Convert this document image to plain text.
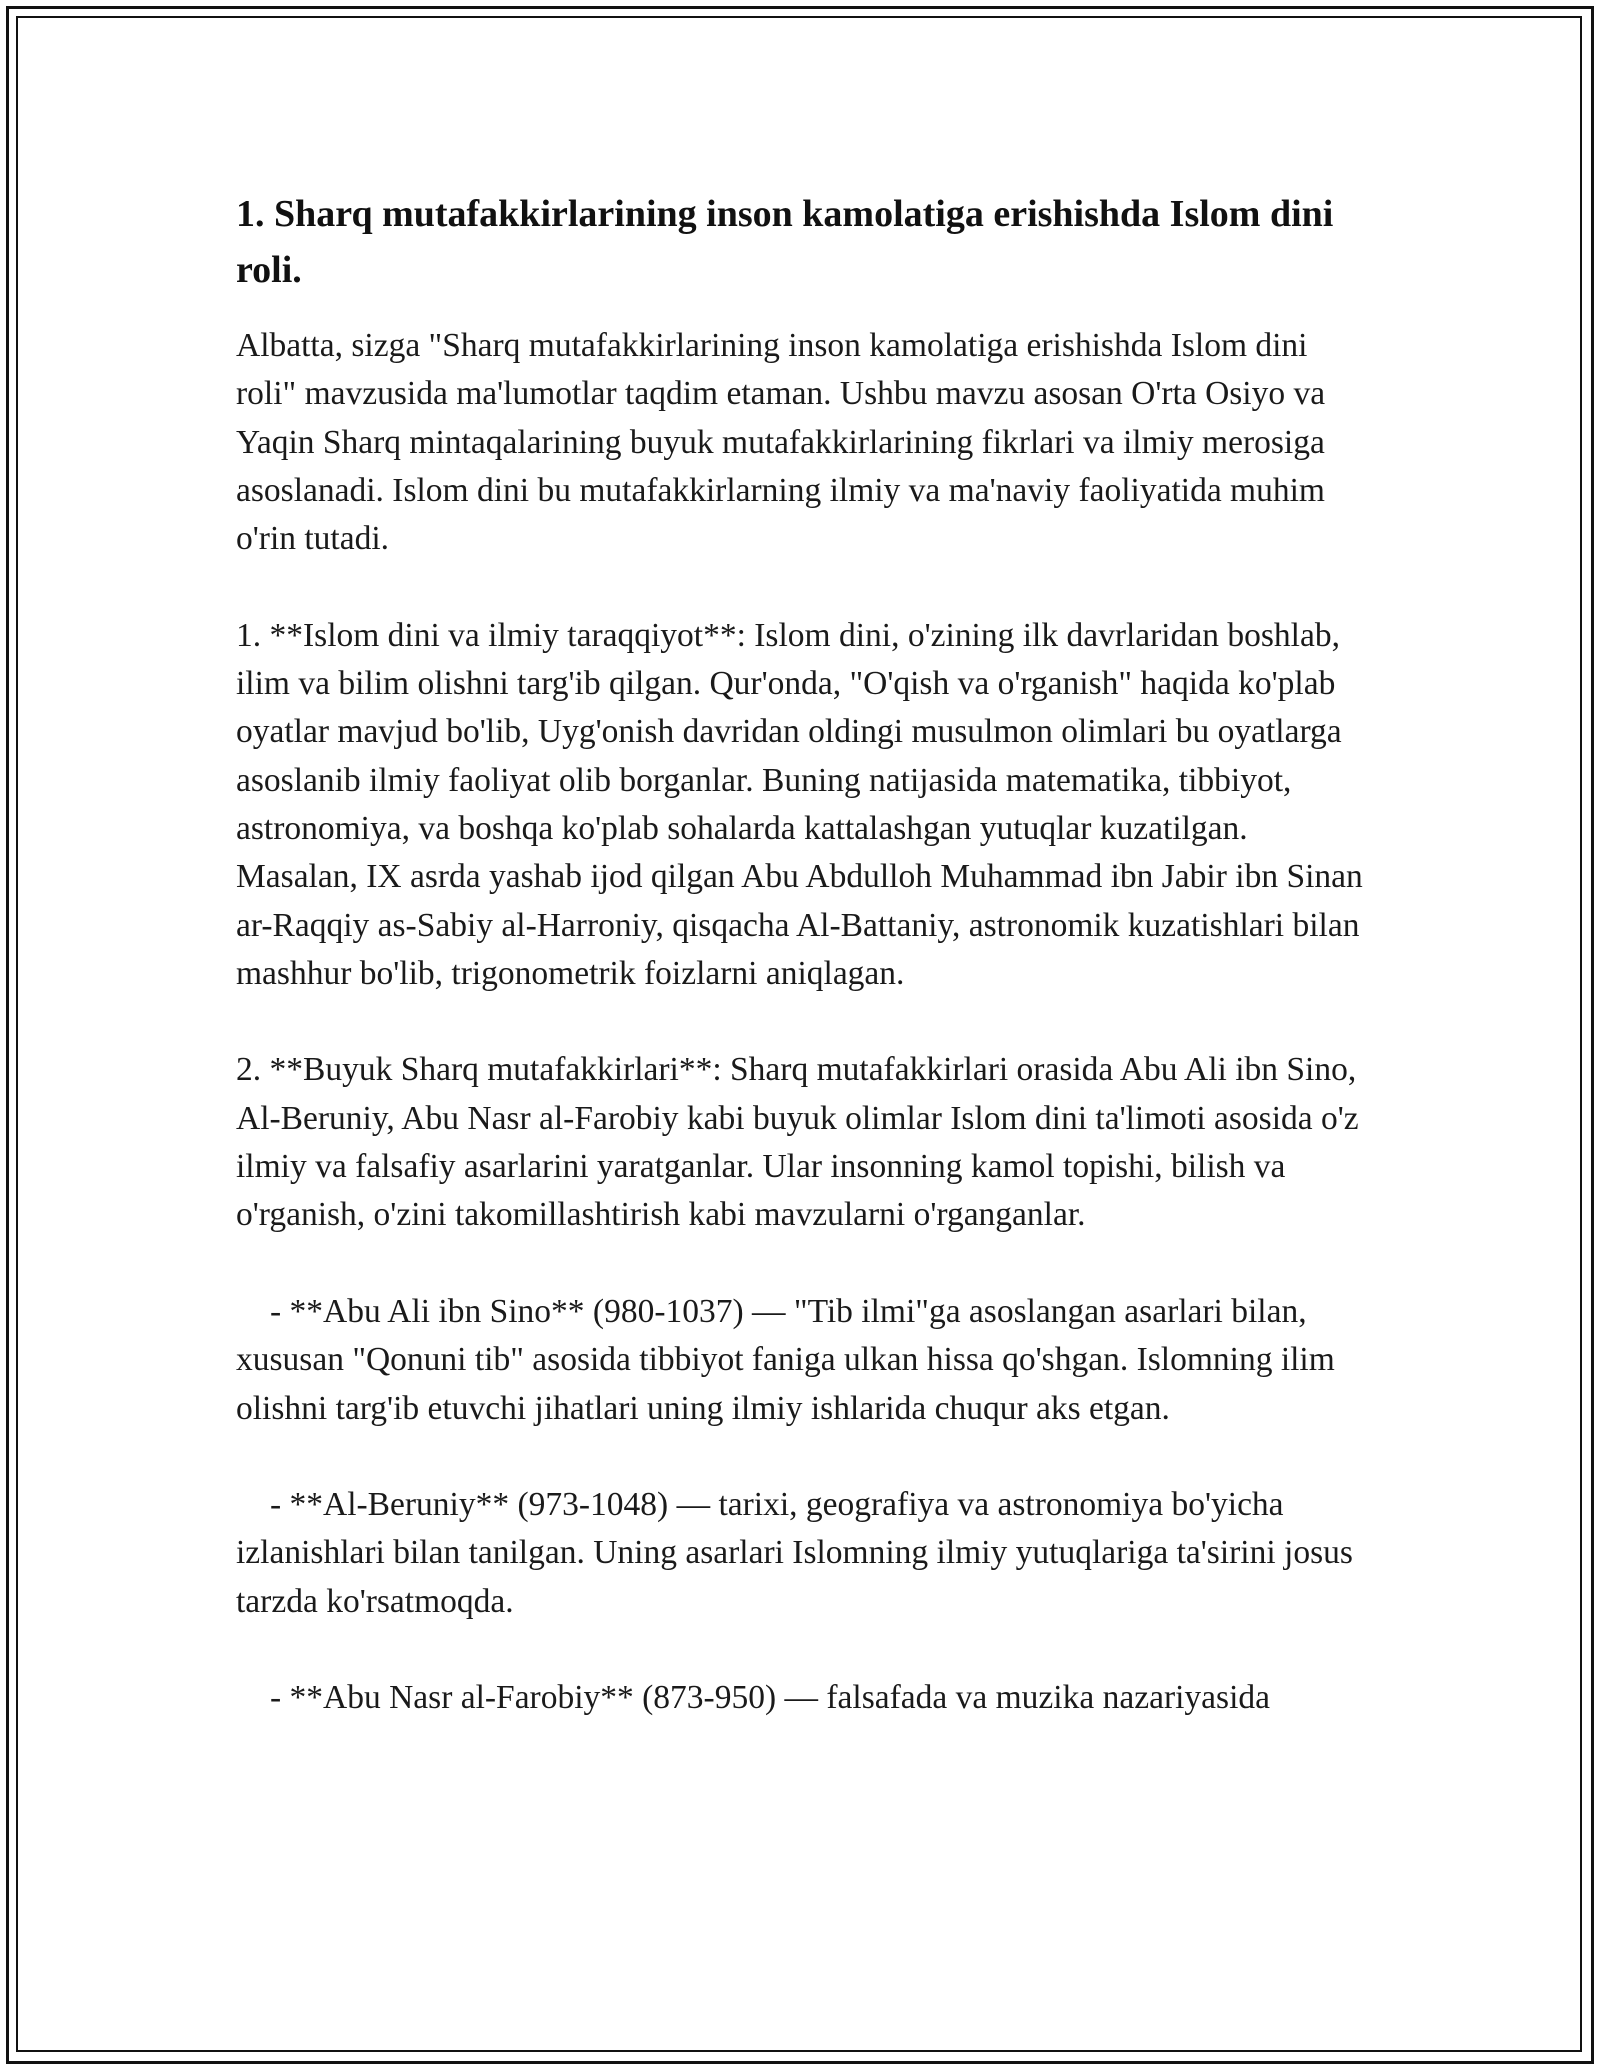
1. Sharq mutafakkirlarining inson kamolatiga erishishda Islom dini roli.

Albatta, sizga "Sharq mutafakkirlarining inson kamolatiga erishishda Islom dini roli" mavzusida ma'lumotlar taqdim etaman. Ushbu mavzu asosan O'rta Osiyo va Yaqin Sharq mintaqalarining buyuk mutafakkirlarining fikrlari va ilmiy merosiga asoslanadi. Islom dini bu mutafakkirlarning ilmiy va ma'naviy faoliyatida muhim o'rin tutadi.

1. **Islom dini va ilmiy taraqqiyot**: Islom dini, o'zining ilk davrlaridan boshlab, ilim va bilim olishni targ'ib qilgan. Qur'onda, "O'qish va o'rganish" haqida ko'plab oyatlar mavjud bo'lib, Uyg'onish davridan oldingi musulmon olimlari bu oyatlarga asoslanib ilmiy faoliyat olib borganlar. Buning natijasida matematika, tibbiyot, astronomiya, va boshqa ko'plab sohalarda kattalashgan yutuqlar kuzatilgan. Masalan, IX asrda yashab ijod qilgan Abu Abdulloh Muhammad ibn Jabir ibn Sinan ar-Raqqiy as-Sabiy al-Harroniy, qisqacha Al-Battaniy, astronomik kuzatishlari bilan mashhur bo'lib, trigonometrik foizlarni aniqlagan.

2. **Buyuk Sharq mutafakkirlari**: Sharq mutafakkirlari orasida Abu Ali ibn Sino, Al-Beruniy, Abu Nasr al-Farobiy kabi buyuk olimlar Islom dini ta'limoti asosida o'z ilmiy va falsafiy asarlarini yaratganlar. Ular insonning kamol topishi, bilish va o'rganish, o'zini takomillashtirish kabi mavzularni o'rganganlar.

- **Abu Ali ibn Sino** (980-1037) — "Tib ilmi"ga asoslangan asarlari bilan, xususan "Qonuni tib" asosida tibbiyot faniga ulkan hissa qo'shgan. Islomning ilim olishni targ'ib etuvchi jihatlari uning ilmiy ishlarida chuqur aks etgan.

- **Al-Beruniy** (973-1048) — tarixi, geografiya va astronomiya bo'yicha izlanishlari bilan tanilgan. Uning asarlari Islomning ilmiy yutuqlariga ta'sirini josus tarzda ko'rsatmoqda.

- **Abu Nasr al-Farobiy** (873-950) — falsafada va muzika nazariyasida
